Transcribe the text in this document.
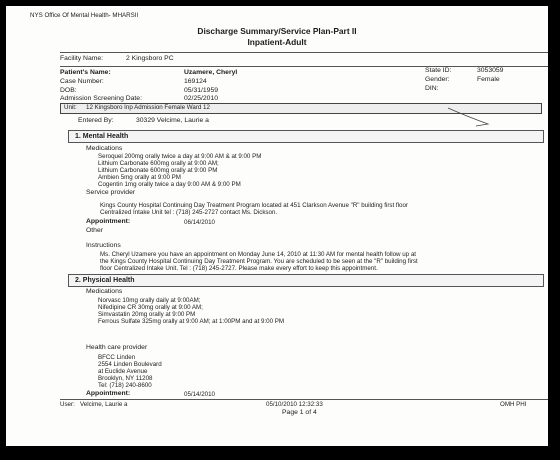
NYS Office Of Mental Health- MHARSII
Discharge Summary/Service Plan-Part II
Inpatient-Adult
Facility Name:	2 Kingsboro PC
Patient's Name:	Uzamere, Cheryl
Case Number:	169124
DOB:	05/31/1959
Admission Screening Date:	02/25/2010
State ID:	3053059
Gender:	Female
DIN:
Unit: 12 Kingsboro Inp Admission Female Ward 12
Entered By:	30329 Velcime, Laurie a
1. Mental Health
Medications
Seroquel 200mg orally twice a day at 9:00 AM & at 9:00 PM
Lithium Carbonate 600mg orally at 9:00 AM;
Lithium Carbonate 600mg orally at 9:00 PM
Ambien 5mg orally at 9:00 PM
Cogentin 1mg orally twice a day 9:00 AM & 9:00 PM
Service provider
Kings County Hospital Continuing Day Treatment Program located at 451 Clarkson Avenue "R" building first floor
Centralized Intake Unit tel : (718) 245-2727 contact Ms. Dickson.
Appointment:	06/14/2010
Other
Instructions
Ms. Cheryl Uzamere you have an appointment on Monday June 14, 2010 at 11:30 AM for mental health follow up at
the Kings County Hospital Continuing Day Treatment Program. You are scheduled to be seen at the "R" building first
floor Centralized Intake Unit. Tel : (718) 245-2727. Please make every effort to keep this appointment.
2. Physical Health
Medications
Norvasc 10mg orally daily at 9:00AM;
Nifedipine CR 30mg orally at 9:00 AM;
Simvastatin 20mg orally at 9:00 PM
Ferrous Sulfate 325mg orally at 9:00 AM; at 1:00PM and at 9:00 PM
Health care provider
BFCC Linden
2554 Linden Boulevard
at Euclide Avenue
Brooklyn, NY 11208
Tel: (718) 240-8600
Appointment:	05/14/2010
User: Velcime, Laurie a	05/10/2010 12:32:33	OMH PHI
Page 1 of 4
